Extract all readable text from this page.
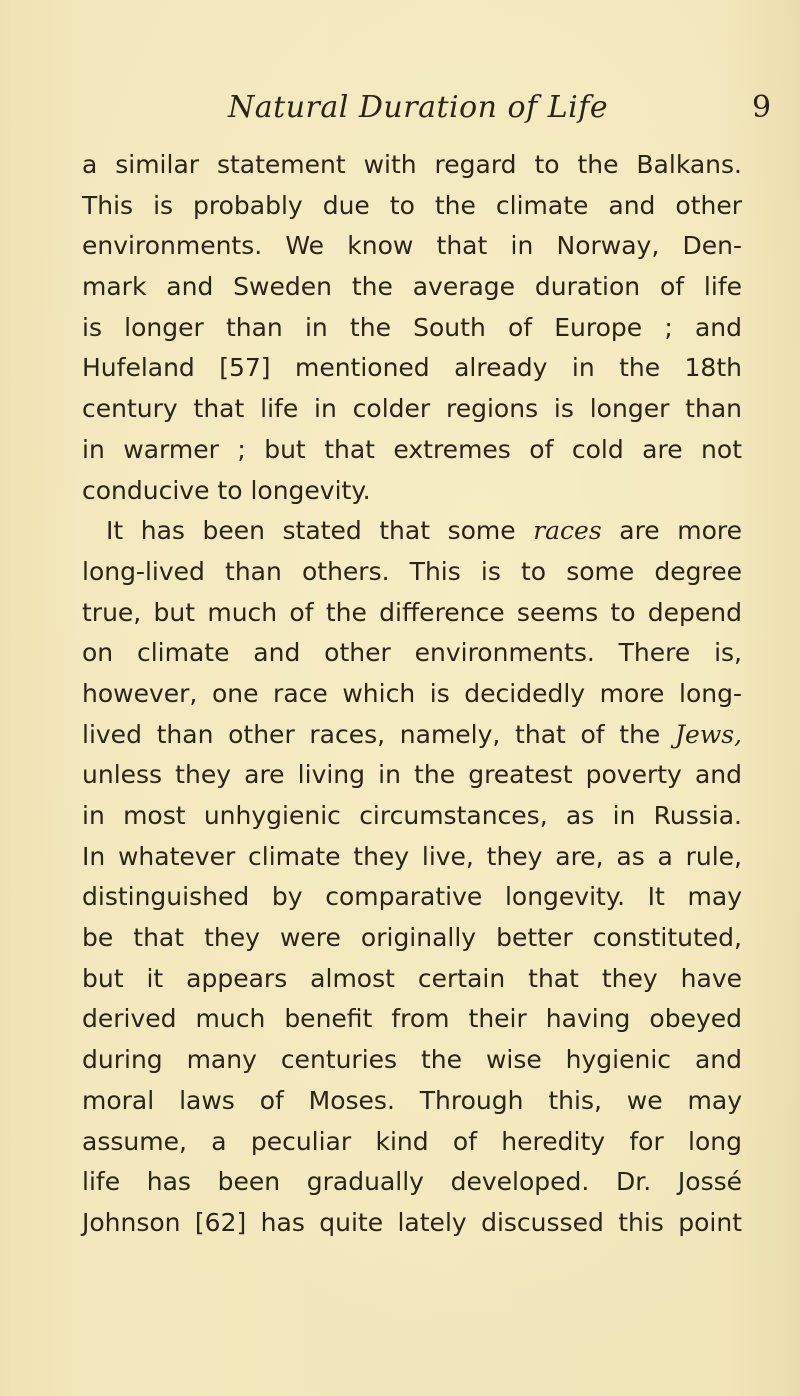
Natural Duration of Life	9
a similar statement with regard to the Balkans.
This is probably due to the climate and other
environments. We know that in Norway, Den-
mark and Sweden the average duration of life
is longer than in the South of Europe ; and
Hufeland [57] mentioned already in the 18th
century that life in colder regions is longer than
in warmer ; but that extremes of cold are not
conducive to longevity.
It has been stated that some races are more
long-lived than others. This is to some degree
true, but much of the difference seems to depend
on climate and other environments. There is,
however, one race which is decidedly more long-
lived than other races, namely, that of the Jews,
unless they are living in the greatest poverty and
in most unhygienic circumstances, as in Russia.
In whatever climate they live, they are, as a rule,
distinguished by comparative longevity. It may
be that they were originally better constituted,
but it appears almost certain that they have
derived much benefit from their having obeyed
during many centuries the wise hygienic and
moral laws of Moses. Through this, we may
assume, a peculiar kind of heredity for long
life has been gradually developed. Dr. Jossé
Johnson [62] has quite lately discussed this point
